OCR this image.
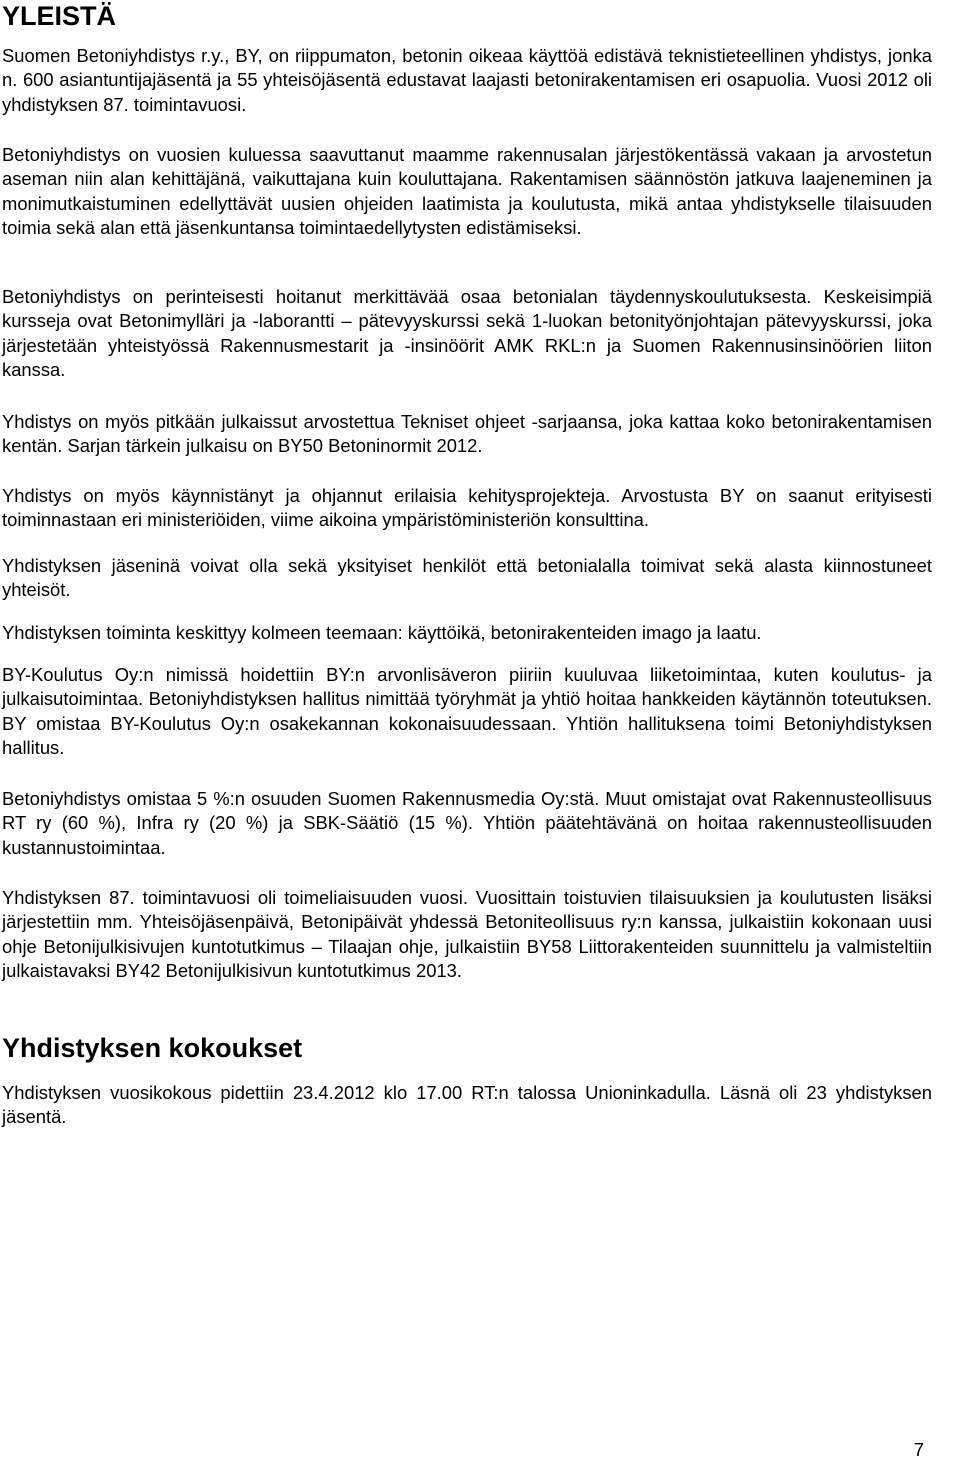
YLEISTÄ

Suomen Betoniyhdistys r.y., BY, on riippumaton, betonin oikeaa käyttöä edistävä teknistieteellinen yhdistys, jonka n. 600 asiantuntijajäsentä ja 55 yhteisöjäsentä edustavat laajasti betonirakentamisen eri osapuolia. Vuosi 2012 oli yhdistyksen 87. toimintavuosi.

Betoniyhdistys on vuosien kuluessa saavuttanut maamme rakennusalan järjestökentässä vakaan ja arvostetun aseman niin alan kehittäjänä, vaikuttajana kuin kouluttajana. Rakentamisen säännöstön jatkuva laajeneminen ja monimutkaistuminen edellyttävät uusien ohjeiden laatimista ja koulutusta, mikä antaa yhdistykselle tilaisuuden toimia sekä alan että jäsenkuntansa toimintaedellytysten edistämiseksi.

Betoniyhdistys on perinteisesti hoitanut merkittävää osaa betonialan täydennyskoulutuksesta. Keskeisimpiä kursseja ovat Betonimylläri ja -laborantti – pätevyyskurssi sekä 1-luokan betonityönjohtajan pätevyyskurssi, joka järjestetään yhteistyössä Rakennusmestarit ja -insinöörit AMK RKL:n ja Suomen Rakennusinsinöörien liiton kanssa.

Yhdistys on myös pitkään julkaissut arvostettua Tekniset ohjeet -sarjaansa, joka kattaa koko betonirakentamisen kentän. Sarjan tärkein julkaisu on BY50 Betoninormit 2012.

Yhdistys on myös käynnistänyt ja ohjannut erilaisia kehitysprojekteja. Arvostusta BY on saanut erityisesti toiminnastaan eri ministeriöiden, viime aikoina ympäristöministeriön konsulttina.

Yhdistyksen jäseninä voivat olla sekä yksityiset henkilöt että betonialalla toimivat sekä alasta kiinnostuneet yhteisöt.

Yhdistyksen toiminta keskittyy kolmeen teemaan: käyttöikä, betonirakenteiden imago ja laatu.

BY-Koulutus Oy:n nimissä hoidettiin BY:n arvonlisäveron piiriin kuuluvaa liiketoimintaa, kuten koulutus- ja julkaisutoimintaa. Betoniyhdistyksen hallitus nimittää työryhmät ja yhtiö hoitaa hankkeiden käytännön toteutuksen. BY omistaa BY-Koulutus Oy:n osakekannan kokonaisuudessaan. Yhtiön hallituksena toimi Betoniyhdistyksen hallitus.

Betoniyhdistys omistaa 5 %:n osuuden Suomen Rakennusmedia Oy:stä. Muut omistajat ovat Rakennusteollisuus RT ry (60 %), Infra ry (20 %) ja SBK-Säätiö (15 %). Yhtiön päätehtävänä on hoitaa rakennusteollisuuden kustannustoimintaa.

Yhdistyksen 87. toimintavuosi oli toimeliaisuuden vuosi. Vuosittain toistuvien tilaisuuksien ja koulutusten lisäksi järjestettiin mm. Yhteisöjäsenpäivä, Betonipäivät yhdessä Betoniteollisuus ry:n kanssa, julkaistiin kokonaan uusi ohje Betonijulkisivujen kuntotutkimus – Tilaajan ohje, julkaistiin BY58 Liittorakenteiden suunnittelu ja valmisteltiin julkaistavaksi BY42 Betonijulkisivun kuntotutkimus 2013.

Yhdistyksen kokoukset

Yhdistyksen vuosikokous pidettiin 23.4.2012 klo 17.00 RT:n talossa Unioninkadulla. Läsnä oli 23 yhdistyksen jäsentä.

7
